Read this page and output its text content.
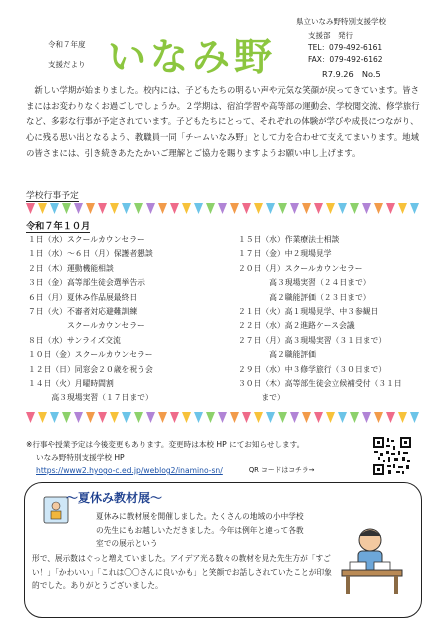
令和７年度
支援だより いなみ野
県立いなみ野特別支援学校
支援部　発行
TEL：079-492-6161
FAX：079-492-6162
R7.9.26　No.5
新しい学期が始まりました。校内には、子どもたちの明るい声や元気な笑顔が戻ってきています。皆さまにはお変わりなくお過ごしでしょうか。２学期は、宿泊学習や高等部の運動会、学校閲交流、修学旅行など、多彩な行事が予定されています。子どもたちにとって、それぞれの体験が学びや成長につながり、心に残る思い出となるよう、教職員一同「チームいなみ野」として力を合わせて支えてまいります。地域の皆さまには、引き続きあたたかいご理解とご協力を賜りますようお願い申し上げます。
学校行事予定
令和７年１０月
１日（水）スクールカウンセラー
１日（水）～６日（月）保護者懇談
２日（木）運動機能相談
３日（金）高等部生徒会選挙告示
６日（月）夏休み作品展最終日
７日（火）不審者対応避難訓練
　　　　　スクールカウンセラー
８日（水）サンライズ交流
１０日（金）スクールカウンセラー
１２日（日）同窓会２０歳を祝う会
１４日（火）月曜時間割
　　　高３現場実習（１７日まで）
１５日（水）作業療法士相談
１７日（金）中２現場見学
２０日（月）スクールカウンセラー
　　　　高３現場実習（２４日まで）
　　　　高２職能評価（２３日まで）
２１日（火）高１現場見学、中３参観日
２２日（水）高２進路ケース会議
２７日（月）高３現場実習（３１日まで）
　　　　高２職能評価
２９日（水）中３修学旅行（３０日まで）
３０日（木）高等部生徒会立候補受付（３１日
　　　まで）
※行事や授業予定は今後変更もあります。変更時は本校 HP にてお知らせします。
いなみ野特別支援学校 HP
https://www2.hyogo-c.ed.jp/weblog2/inamino-sn/	QR コードはコチラ→
～夏休み教材展～
夏休みに教材展を開催しました。たくさんの地域の小中学校の先生にもお越しいただきました。今年は例年と違って各教室での展示という
形で、展示数はぐっと増えていました。アイデア光る数々の教材を見た先生方が「すごい！」「かわいい」「これは〇〇さんに良いかも」と笑顔でお話しされていたことが印象的でした。ありがとうございました。
